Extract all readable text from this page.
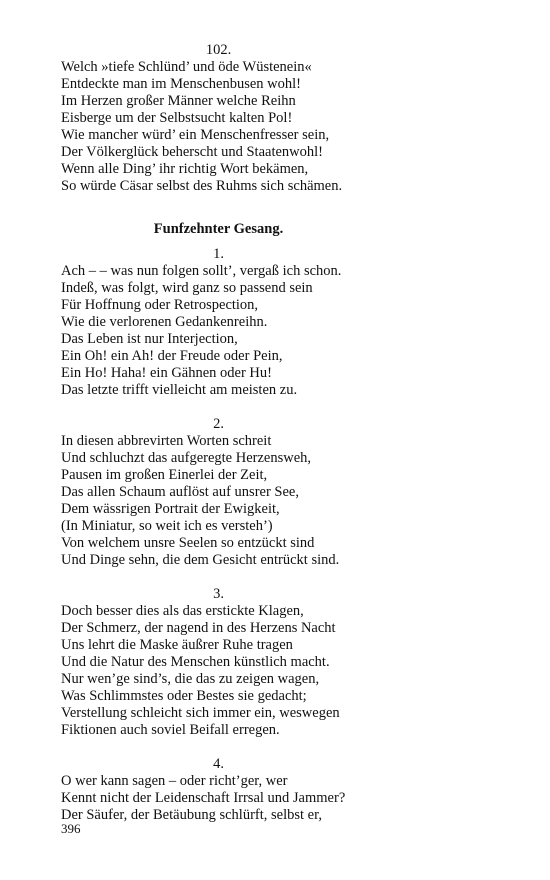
102.
Welch »tiefe Schlünd’ und öde Wüstenein«
Entdeckte man im Menschenbusen wohl!
Im Herzen großer Männer welche Reihn
Eisberge um der Selbstsucht kalten Pol!
Wie mancher würd’ ein Menschenfresser sein,
Der Völkerglück beherscht und Staatenwohl!
Wenn alle Ding’ ihr richtig Wort bekämen,
So würde Cäsar selbst des Ruhms sich schämen.
Funfzehnter Gesang.
1.
Ach – – was nun folgen sollt’, vergaß ich schon.
Indeß, was folgt, wird ganz so passend sein
Für Hoffnung oder Retrospection,
Wie die verlorenen Gedankenreihn.
Das Leben ist nur Interjection,
Ein Oh! ein Ah! der Freude oder Pein,
Ein Ho! Haha! ein Gähnen oder Hu!
Das letzte trifft vielleicht am meisten zu.
2.
In diesen abbrevirten Worten schreit
Und schluchzt das aufgeregte Herzensweh,
Pausen im großen Einerlei der Zeit,
Das allen Schaum auflöst auf unsrer See,
Dem wässrigen Portrait der Ewigkeit,
(In Miniatur, so weit ich es versteh’)
Von welchem unsre Seelen so entzückt sind
Und Dinge sehn, die dem Gesicht entrückt sind.
3.
Doch besser dies als das erstickte Klagen,
Der Schmerz, der nagend in des Herzens Nacht
Uns lehrt die Maske äußrer Ruhe tragen
Und die Natur des Menschen künstlich macht.
Nur wen’ge sind’s, die das zu zeigen wagen,
Was Schlimmstes oder Bestes sie gedacht;
Verstellung schleicht sich immer ein, weswegen
Fiktionen auch soviel Beifall erregen.
4.
O wer kann sagen – oder richt’ger, wer
Kennt nicht der Leidenschaft Irrsal und Jammer?
Der Säufer, der Betäubung schlürft, selbst er,
396
